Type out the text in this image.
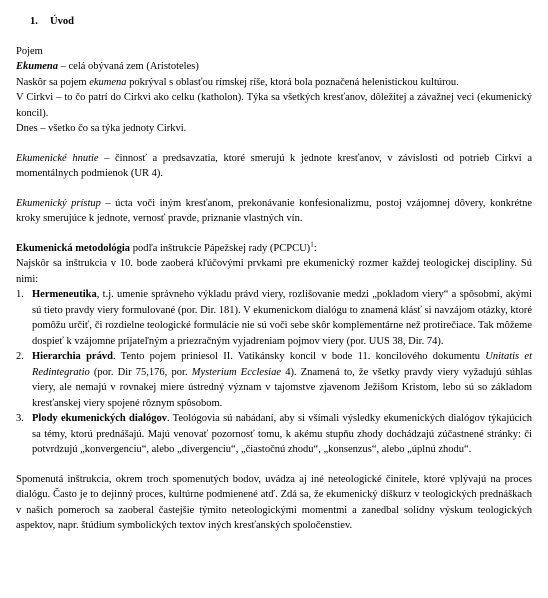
1. Úvod

Pojem

Ekumena – celá obývaná zem (Aristoteles)

Naskôr sa pojem ekumena pokrýval s oblasťou rímskej ríše, ktorá bola poznačená helenistickou kultúrou.

V Cirkvi – to čo patrí do Cirkvi ako celku (katholon). Týka sa všetkých kresťanov, dôležitej a závažnej veci (ekumenický koncil).

Dnes – všetko čo sa týka jednoty Cirkvi.

Ekumenické hnutie – činnosť a predsavzatia, ktoré smerujú k jednote kresťanov, v závislosti od potrieb Cirkvi a momentálnych podmienok (UR 4).

Ekumenický prístup – úcta voči iným kresťanom, prekonávanie konfesionalizmu, postoj vzájomnej dôvery, konkrétne kroky smerujúce k jednote, vernosť pravde, priznanie vlastných vín.

Ekumenická metodológia podľa inštrukcie Pápežskej rady (PCPCU)$^1$:

Najskôr sa inštrukcia v 10. bode zaoberá kľúčovými prvkami pre ekumenický rozmer každej teologickej disciplíny. Sú nimi:

1. Hermeneutika, t.j. umenie správneho výkladu právd viery, rozlišovanie medzi „pokladom viery“ a spôsobmi, akými sú tieto pravdy viery formulované (por. Dir. 181). V ekumenickom dialógu to znamená klásť si navzájom otázky, ktoré pomôžu určiť, či rozdielne teologické formulácie nie sú voči sebe skôr komplementárne než protirečiace. Tak môžeme dospieť k vzájomne prijateľným a priezračným vyjadreniam pojmov viery (por. UUS 38, Dir. 74).
2. Hierarchia právd. Tento pojem priniesol II. Vatikánsky koncil v bode 11. koncilového dokumentu Unitatis et Redintegratio (por. Dir 75,176, por. Mysterium Ecclesiae 4). Znamená to, že všetky pravdy viery vyžadujú súhlas viery, ale nemajú v rovnakej miere ústredný význam v tajomstve zjavenom Ježišom Kristom, lebo sú so základom kresťanskej viery spojené rôznym spôsobom.
3. Plody ekumenických dialógov. Teológovia sú nabádaní, aby si všímali výsledky ekumenických dialógov týkajúcich sa témy, ktorú prednášajú. Majú venovať pozornosť tomu, k akému stupňu zhody dochádzajú zúčastnené stránky: či potvrdzujú „konvergenciu“, alebo „divergenciu“, „čiastočnú zhodu“, „konsenzus“, alebo „úplnú zhodu“.

Spomenutá inštrukcia, okrem troch spomenutých bodov, uvádza aj iné neteologické činitele, ktoré vplývajú na proces dialógu. Často je to dejinný proces, kultúrne podmienené atď. Zdá sa, že ekumenický diškurz v teologických prednáškach v našich pomeroch sa zaoberal častejšie týmito neteologickými momentmi a zanedbal solídny výskum teologických aspektov, napr. štúdium symbolických textov iných kresťanských spoločenstiev.
